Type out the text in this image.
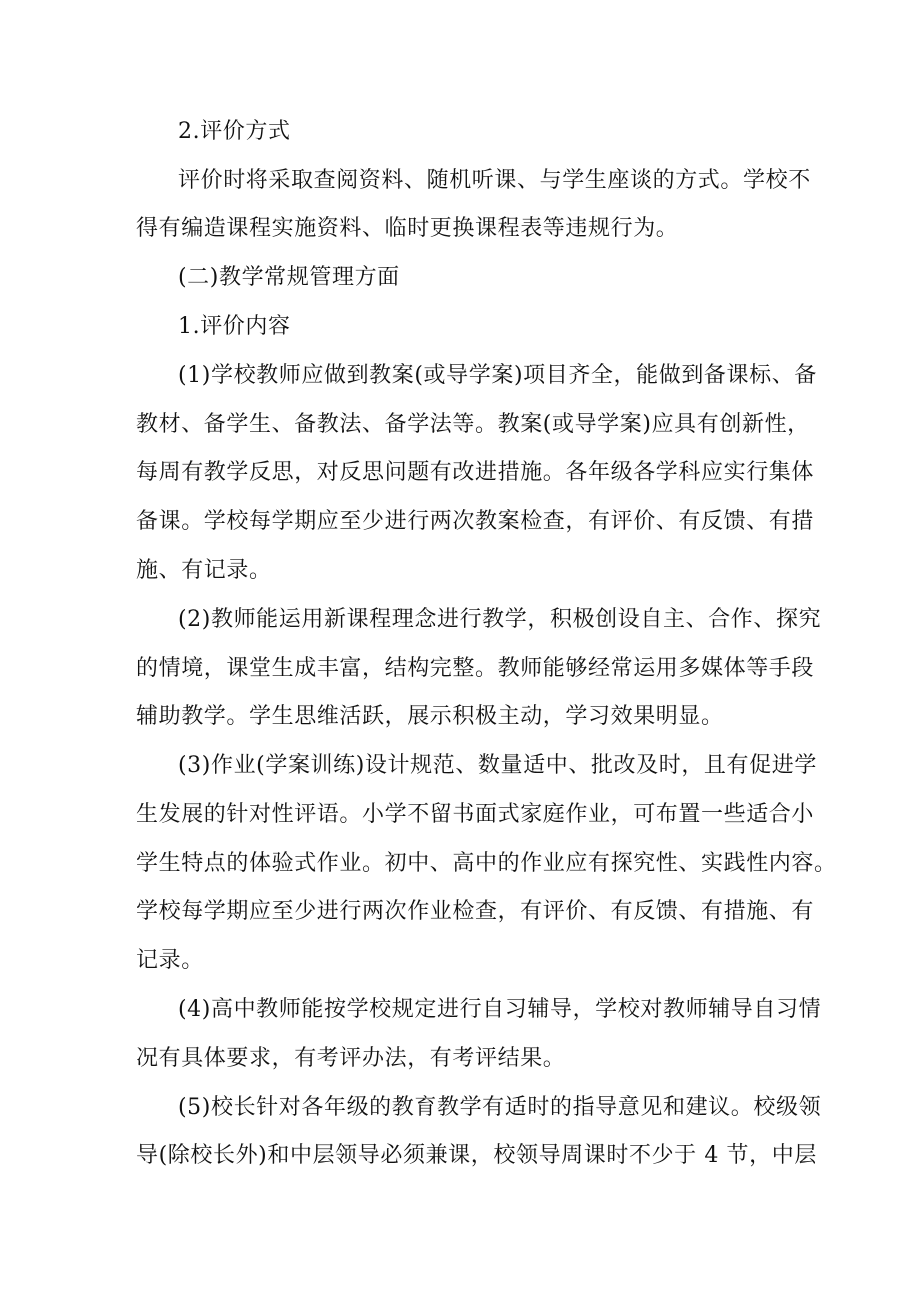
2.评价方式
评价时将采取查阅资料、随机听课、与学生座谈的方式。学校不
得有编造课程实施资料、临时更换课程表等违规行为。
(二)教学常规管理方面
1.评价内容
(1)学校教师应做到教案(或导学案)项目齐全，能做到备课标、备
教材、备学生、备教法、备学法等。教案(或导学案)应具有创新性，
每周有教学反思，对反思问题有改进措施。各年级各学科应实行集体
备课。学校每学期应至少进行两次教案检查，有评价、有反馈、有措
施、有记录。
(2)教师能运用新课程理念进行教学，积极创设自主、合作、探究
的情境，课堂生成丰富，结构完整。教师能够经常运用多媒体等手段
辅助教学。学生思维活跃，展示积极主动，学习效果明显。
(3)作业(学案训练)设计规范、数量适中、批改及时，且有促进学
生发展的针对性评语。小学不留书面式家庭作业，可布置一些适合小
学生特点的体验式作业。初中、高中的作业应有探究性、实践性内容。
学校每学期应至少进行两次作业检查，有评价、有反馈、有措施、有
记录。
(4)高中教师能按学校规定进行自习辅导，学校对教师辅导自习情
况有具体要求，有考评办法，有考评结果。
(5)校长针对各年级的教育教学有适时的指导意见和建议。校级领
导(除校长外)和中层领导必须兼课，校领导周课时不少于 4 节，中层
